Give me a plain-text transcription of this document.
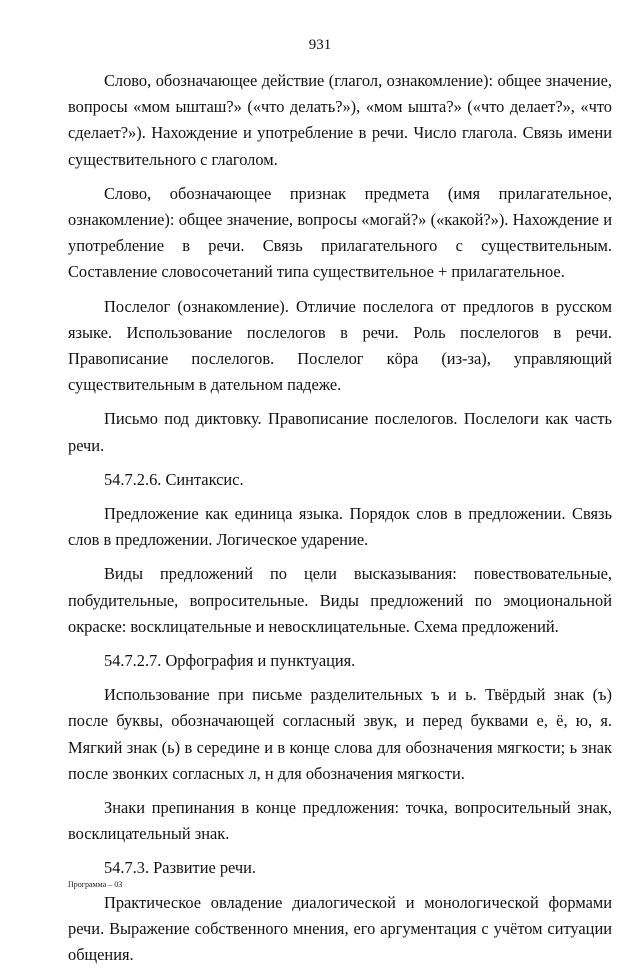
931

Слово, обозначающее действие (глагол, ознакомление): общее значение, вопросы «мом ышташ?» («что делать?»), «мом ышта?» («что делает?», «что сделает?»). Нахождение и употребление в речи. Число глагола. Связь имени существительного с глаголом.

Слово, обозначающее признак предмета (имя прилагательное, ознакомление): общее значение, вопросы «могай?» («какой?»). Нахождение и употребление в речи. Связь прилагательного с существительным. Составление словосочетаний типа существительное + прилагательное.

Послелог (ознакомление). Отличие послелога от предлогов в русском языке. Использование послелогов в речи. Роль послелогов в речи. Правописание послелогов. Послелог кӧра (из-за), управляющий существительным в дательном падеже.

Письмо под диктовку. Правописание послелогов. Послелоги как часть речи.

54.7.2.6. Синтаксис.

Предложение как единица языка. Порядок слов в предложении. Связь слов в предложении. Логическое ударение.

Виды предложений по цели высказывания: повествовательные, побудительные, вопросительные. Виды предложений по эмоциональной окраске: восклицательные и невосклицательные. Схема предложений.

54.7.2.7. Орфография и пунктуация.

Использование при письме разделительных ъ и ь. Твёрдый знак (ъ) после буквы, обозначающей согласный звук, и перед буквами е, ё, ю, я. Мягкий знак (ь) в середине и в конце слова для обозначения мягкости; ь знак после звонких согласных л, н для обозначения мягкости.

Знаки препинания в конце предложения: точка, вопросительный знак, восклицательный знак.

54.7.3. Развитие речи.

Практическое овладение диалогической и монологической формами речи. Выражение собственного мнения, его аргументация с учётом ситуации общения.

Программа – 03
